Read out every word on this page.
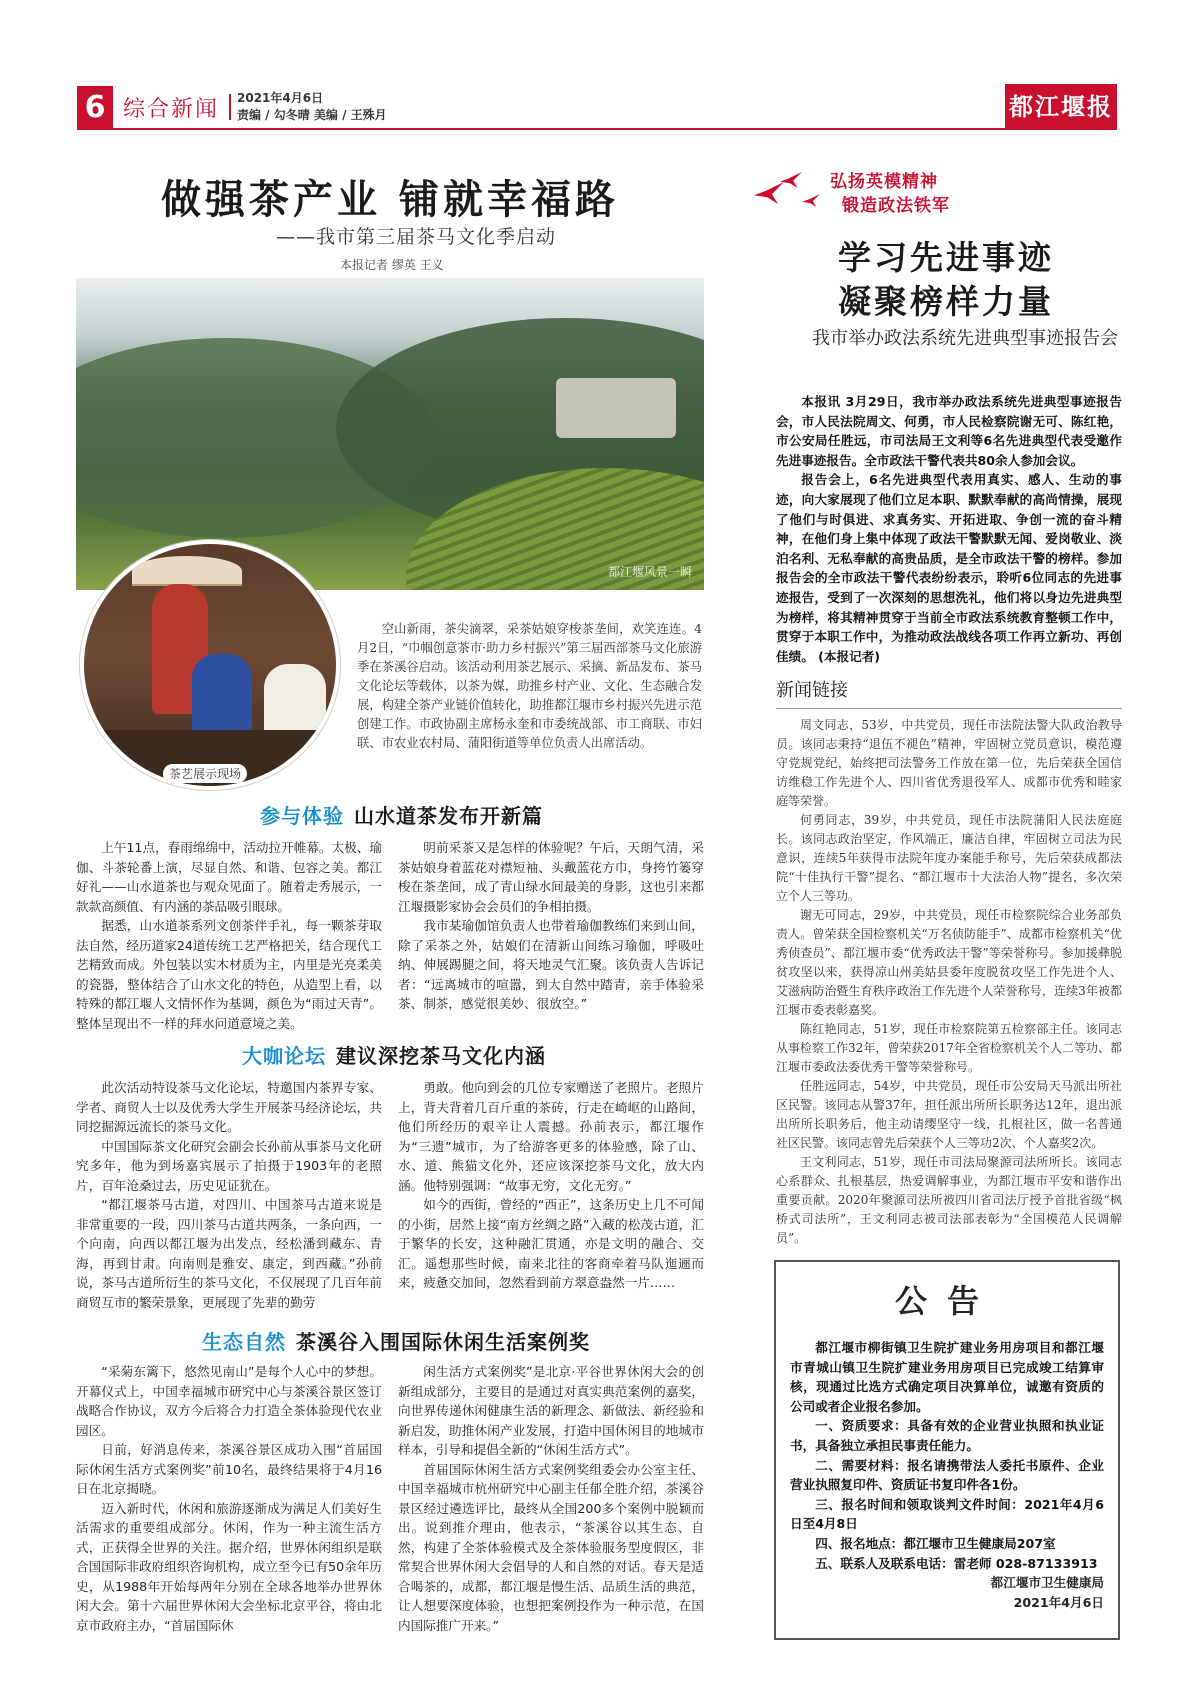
6 综合新闻 2021年4月6日
责编 / 勾冬晴 美编 / 王殊月	都江堰报
做强茶产业 铺就幸福路
——我市第三届茶马文化季启动
本报记者 缪英 王义
都江堰风景一瞬
茶艺展示现场
空山新雨，茶尖滴翠，采茶姑娘穿梭茶垄间，欢笑连连。4月2日，“巾帼创意茶市·助力乡村振兴”第三届西部茶马文化旅游季在茶溪谷启动。该活动利用茶艺展示、采摘、新品发布、茶马文化论坛等载体，以茶为媒，助推乡村产业、文化、生态融合发展，构建全茶产业链价值转化，助推都江堰市乡村振兴先进示范创建工作。市政协副主席杨永奎和市委统战部、市工商联、市妇联、市农业农村局、蒲阳街道等单位负责人出席活动。
参与体验 山水道茶发布开新篇

上午11点，春雨绵绵中，活动拉开帷幕。太极、瑜伽、斗茶轮番上演，尽显自然、和谐、包容之美。都江好礼——山水道茶也与观众见面了。随着走秀展示，一款款高颜值、有内涵的茶品吸引眼球。

据悉，山水道茶系列文创茶伴手礼，每一颗茶芽取法自然，经历道家24道传统工艺严格把关，结合现代工艺精致而成。外包装以实木材质为主，内里是光亮柔美的瓷器，整体结合了山水文化的特色，从造型上看，以特殊的都江堰人文情怀作为基调，颜色为“雨过天青”。整体呈现出不一样的拜水问道意境之美。

明前采茶又是怎样的体验呢？午后，天朗气清，采茶姑娘身着蓝花对襟短袖、头戴蓝花方巾，身挎竹篓穿梭在茶垄间，成了青山绿水间最美的身影，这也引来都江堰摄影家协会会员们的争相拍摄。

我市某瑜伽馆负责人也带着瑜伽教练们来到山间，除了采茶之外，姑娘们在清新山间练习瑜伽，呼吸吐纳、伸展踢腿之间，将天地灵气汇聚。该负责人告诉记者：“远离城市的喧嚣，到大自然中踏青，亲手体验采茶、制茶，感觉很美妙、很放空。”

大咖论坛 建议深挖茶马文化内涵

此次活动特设茶马文化论坛，特邀国内茶界专家、学者、商贸人士以及优秀大学生开展茶马经济论坛，共同挖掘源远流长的茶马文化。

中国国际茶文化研究会副会长孙前从事茶马文化研究多年，他为到场嘉宾展示了拍摄于1903年的老照片，百年沧桑过去，历史见证犹在。

“都江堰茶马古道，对四川、中国茶马古道来说是非常重要的一段，四川茶马古道共两条，一条向西，一个向南，向西以都江堰为出发点，经松潘到藏东、青海，再到甘肃。向南则是雅安、康定，到西藏。”孙前说，茶马古道所衍生的茶马文化，不仅展现了几百年前商贸互市的繁荣景象，更展现了先辈的勤劳

勇敢。他向到会的几位专家赠送了老照片。老照片上，背夫背着几百斤重的茶砖，行走在崎岖的山路间，他们所经历的艰辛让人震撼。孙前表示，都江堰作为“三遗”城市，为了给游客更多的体验感，除了山、水、道、熊猫文化外，还应该深挖茶马文化，放大内涵。他特别强调：“故事无穷，文化无穷。”

如今的西街，曾经的“西正”，这条历史上几不可闻的小街，居然上接“南方丝绸之路”入藏的松茂古道，汇于繁华的长安，这种融汇贯通，亦是文明的融合、交汇。遥想那些时候，南来北往的客商牵着马队迤逦而来，疲惫交加间，忽然看到前方翠意盎然一片……

生态自然 茶溪谷入围国际休闲生活案例奖

“采菊东篱下，悠然见南山”是每个人心中的梦想。开幕仪式上，中国幸福城市研究中心与茶溪谷景区签订战略合作协议，双方今后将合力打造全茶体验现代农业园区。

日前，好消息传来，茶溪谷景区成功入围“首届国际休闲生活方式案例奖”前10名，最终结果将于4月16日在北京揭晓。

迈入新时代，休闲和旅游逐渐成为满足人们美好生活需求的重要组成部分。休闲，作为一种主流生活方式，正获得全世界的关注。据介绍，世界休闲组织是联合国国际非政府组织咨询机构，成立至今已有50余年历史，从1988年开始每两年分别在全球各地举办世界休闲大会。第十六届世界休闲大会坐标北京平谷，将由北京市政府主办，“首届国际休

闲生活方式案例奖”是北京·平谷世界休闲大会的创新组成部分，主要目的是通过对真实典范案例的嘉奖，向世界传递休闲健康生活的新理念、新做法、新经验和新启发，助推休闲产业发展，打造中国休闲目的地城市样本，引导和提倡全新的“休闲生活方式”。

首届国际休闲生活方式案例奖组委会办公室主任、中国幸福城市杭州研究中心副主任郁全胜介绍，茶溪谷景区经过遴选评比，最终从全国200多个案例中脱颖而出。说到推介理由，他表示，“茶溪谷以其生态、自然，构建了全茶体验模式及全茶体验服务型度假区，非常契合世界休闲大会倡导的人和自然的对话。春天是适合喝茶的，成都，都江堰是慢生活、品质生活的典范，让人想要深度体验，也想把案例投作为一种示范，在国内国际推广开来。”

弘扬英模精神
锻造政法铁军
学习先进事迹
凝聚榜样力量
我市举办政法系统先进典型事迹报告会

本报讯 3月29日，我市举办政法系统先进典型事迹报告会，市人民法院周文、何勇，市人民检察院谢无可、陈红艳，市公安局任胜远，市司法局王文利等6名先进典型代表受邀作先进事迹报告。全市政法干警代表共80余人参加会议。

报告会上，6名先进典型代表用真实、感人、生动的事迹，向大家展现了他们立足本职、默默奉献的高尚情操，展现了他们与时俱进、求真务实、开拓进取、争创一流的奋斗精神，在他们身上集中体现了政法干警默默无闻、爱岗敬业、淡泊名利、无私奉献的高贵品质，是全市政法干警的榜样。参加报告会的全市政法干警代表纷纷表示，聆听6位同志的先进事迹报告，受到了一次深刻的思想洗礼，他们将以身边先进典型为榜样，将其精神贯穿于当前全市政法系统教育整顿工作中，贯穿于本职工作中，为推动政法战线各项工作再立新功、再创佳绩。 (本报记者)

新闻链接

周文同志，53岁，中共党员，现任市法院法警大队政治教导员。该同志秉持“退伍不褪色”精神，牢固树立党员意识，模范遵守党规党纪，始终把司法警务工作放在第一位，先后荣获全国信访维稳工作先进个人、四川省优秀退役军人、成都市优秀和睦家庭等荣誉。

何勇同志，39岁，中共党员，现任市法院蒲阳人民法庭庭长。该同志政治坚定，作风端正，廉洁自律，牢固树立司法为民意识，连续5年获得市法院年度办案能手称号，先后荣获成都法院“十佳执行干警”提名、“都江堰市十大法治人物”提名，多次荣立个人三等功。

谢无可同志，29岁，中共党员，现任市检察院综合业务部负责人。曾荣获全国检察机关“万名侦防能手”、成都市检察机关“优秀侦查员”、都江堰市委“优秀政法干警”等荣誉称号。参加援彝脱贫攻坚以来，获得凉山州美姑县委年度脱贫攻坚工作先进个人、艾滋病防治暨生育秩序政治工作先进个人荣誉称号，连续3年被都江堰市委表彰嘉奖。

陈红艳同志，51岁，现任市检察院第五检察部主任。该同志从事检察工作32年，曾荣获2017年全省检察机关个人二等功、都江堰市委政法委优秀干警等荣誉称号。

任胜远同志，54岁，中共党员，现任市公安局天马派出所社区民警。该同志从警37年，担任派出所所长职务达12年，退出派出所所长职务后，他主动请缨坚守一线，扎根社区，做一名普通社区民警。该同志曾先后荣获个人三等功2次、个人嘉奖2次。

王文利同志，51岁，现任市司法局聚源司法所所长。该同志心系群众、扎根基层，热爱调解事业，为都江堰市平安和谐作出重要贡献。2020年聚源司法所被四川省司法厅授予首批省级“枫桥式司法所”，王文利同志被司法部表彰为“全国模范人民调解员”。

公告

都江堰市柳街镇卫生院扩建业务用房项目和都江堰市青城山镇卫生院扩建业务用房项目已完成竣工结算审核，现通过比选方式确定项目决算单位，诚邀有资质的公司或者企业报名参加。

一、资质要求：具备有效的企业营业执照和执业证书，具备独立承担民事责任能力。

二、需要材料：报名请携带法人委托书原件、企业营业执照复印件、资质证书复印件各1份。

三、报名时间和领取谈判文件时间：2021年4月6日至4月8日

四、报名地点：都江堰市卫生健康局207室

五、联系人及联系电话：雷老师 028-87133913

都江堰市卫生健康局
2021年4月6日
